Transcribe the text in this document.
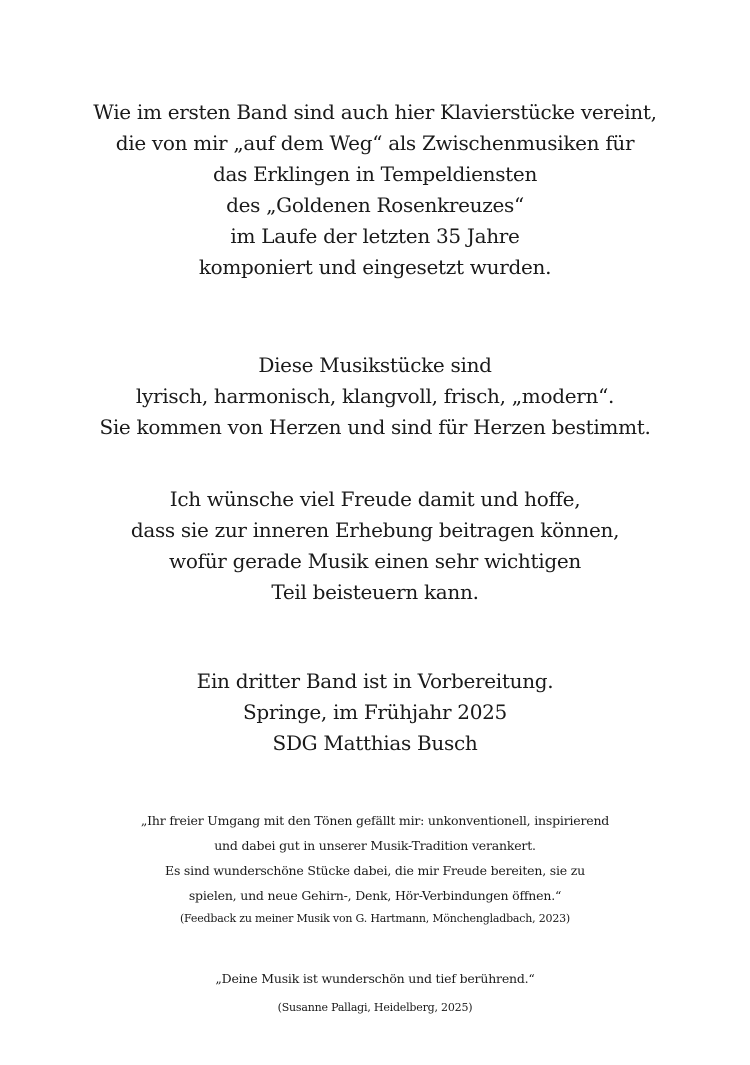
Wie im ersten Band sind auch hier Klavierstücke vereint,
die von mir „auf dem Weg“ als Zwischenmusiken für
das Erklingen in Tempeldiensten
des „Goldenen Rosenkreuzes“
im Laufe der letzten 35 Jahre
komponiert und eingesetzt wurden.
Diese Musikstücke sind
lyrisch, harmonisch, klangvoll, frisch, „modern“.
Sie kommen von Herzen und sind für Herzen bestimmt.
Ich wünsche viel Freude damit und hoffe,
dass sie zur inneren Erhebung beitragen können,
wofür gerade Musik einen sehr wichtigen
Teil beisteuern kann.
Ein dritter Band ist in Vorbereitung.
Springe, im Frühjahr 2025
SDG Matthias Busch
„Ihr freier Umgang mit den Tönen gefällt mir: unkonventionell, inspirierend
und dabei gut in unserer Musik-Tradition verankert.
Es sind wunderschöne Stücke dabei, die mir Freude bereiten, sie zu
spielen, und neue Gehirn-, Denk, Hör-Verbindungen öffnen.“
(Feedback zu meiner Musik von G. Hartmann, Mönchengladbach, 2023)
„Deine Musik ist wunderschön und tief berührend.“
(Susanne Pallagi, Heidelberg, 2025)
